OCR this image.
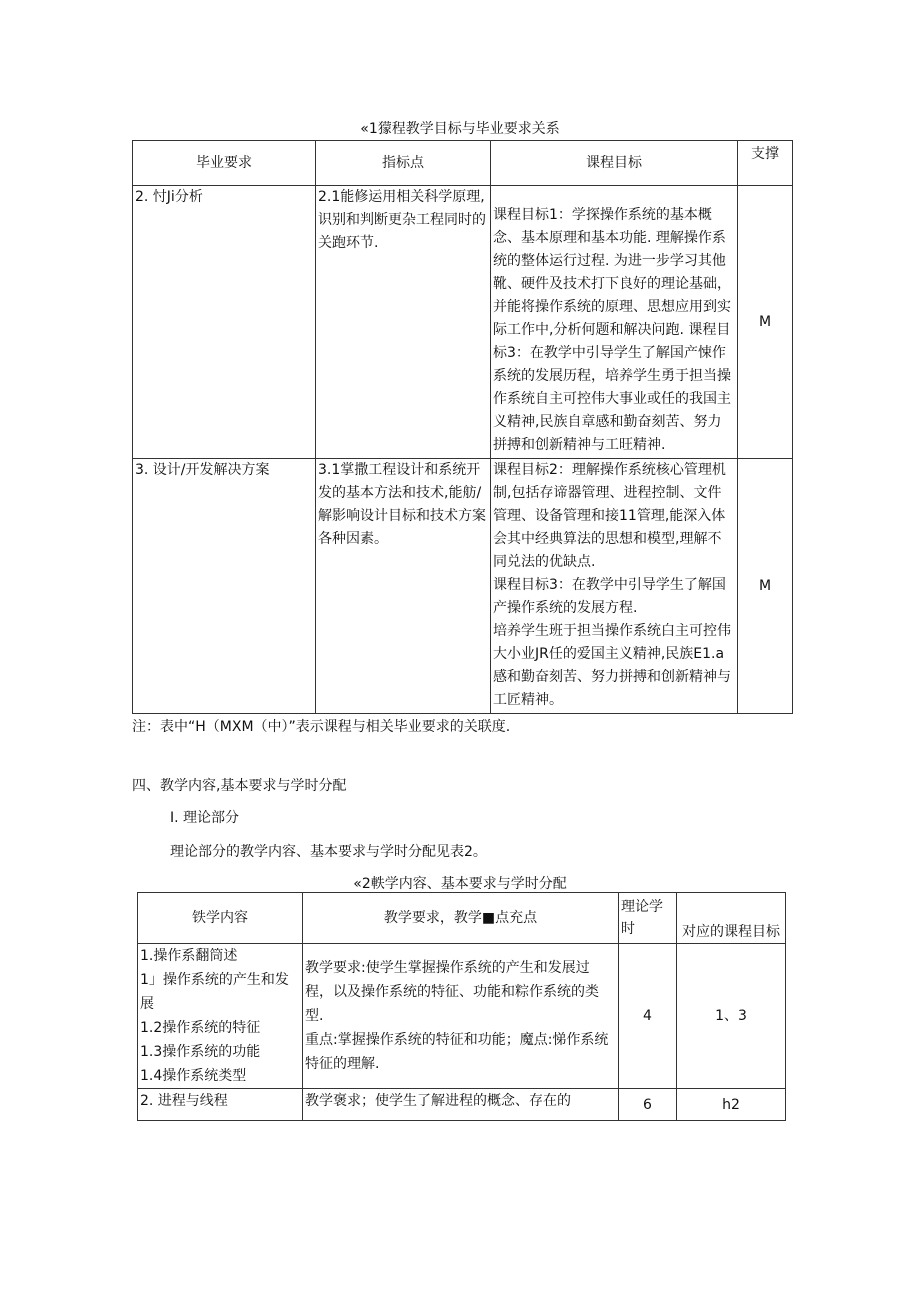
«1獴程教学目标与毕业要求关系
毕业要求	指标点	课程目标	支撑
2. 忖Ji分析	2.1能修运用相关科学原理,识别和判断更杂工程同时的关跑环节.	课程目标1：学探操作系统的基本概念、基本原理和基本功能. 理解操作系统的整体运行过程. 为进一步学习其他靴、硬件及技术打下良好的理论基础，并能将操作系统的原理、思想应用到实际工作中,分析何题和解决问跑. 课程目标3：在教学中引导学生了解国产悚作系统的发展历程，培养学生勇于担当操作系统自主可控伟大事业或任的我国主义精神,民族自章感和勤奋刻苦、努力拼搏和创新精神与工旺精神.	M
3. 设计/开发解决方案	3.1掌撒工程设计和系统开发的基本方法和技术,能舫/解影响设计目标和技术方案各种因素。	课程目标2：理解操作系统核心管理机制,包括存谛器管理、进程控制、文件管理、设备管理和接11管理,能深入体会其中经典算法的思想和模型,理解不同兑法的优缺点.
课程目标3：在教学中引导学生了解国产操作系统的发展方程.
培养学生班于担当操作系统白主可控伟大小业JR任的爱国主义精神,民族E1.a感和勤奋刻苦、努力拼搏和创新精神与工匠精神。	M
注：表中“H（MXM（中）”表示课程与相关毕业要求的关联度.
四、教学内容,基本要求与学时分配
I. 理论部分
理论部分的教学内容、基本要求与学时分配见表2。
«2軼学内容、基本要求与学时分配
铁学内容	教学要求，教学■点充点	理论学时	对应的课程目标

1.操作系翻筒述
1」操作系统的产生和发展
1.2操作系统的特征
1.3操作系统的功能
1.4操作系统类型	教学要求:使学生掌握操作系统的产生和发展过程，以及操作系统的特征、功能和粽作系统的类型.
重点:掌握操作系统的特征和功能；魔点:悌作系统特征的理解.	4	1、3
2. 进程与线程	教学褒求；使学生了解进程的概念、存在的	6	h2
